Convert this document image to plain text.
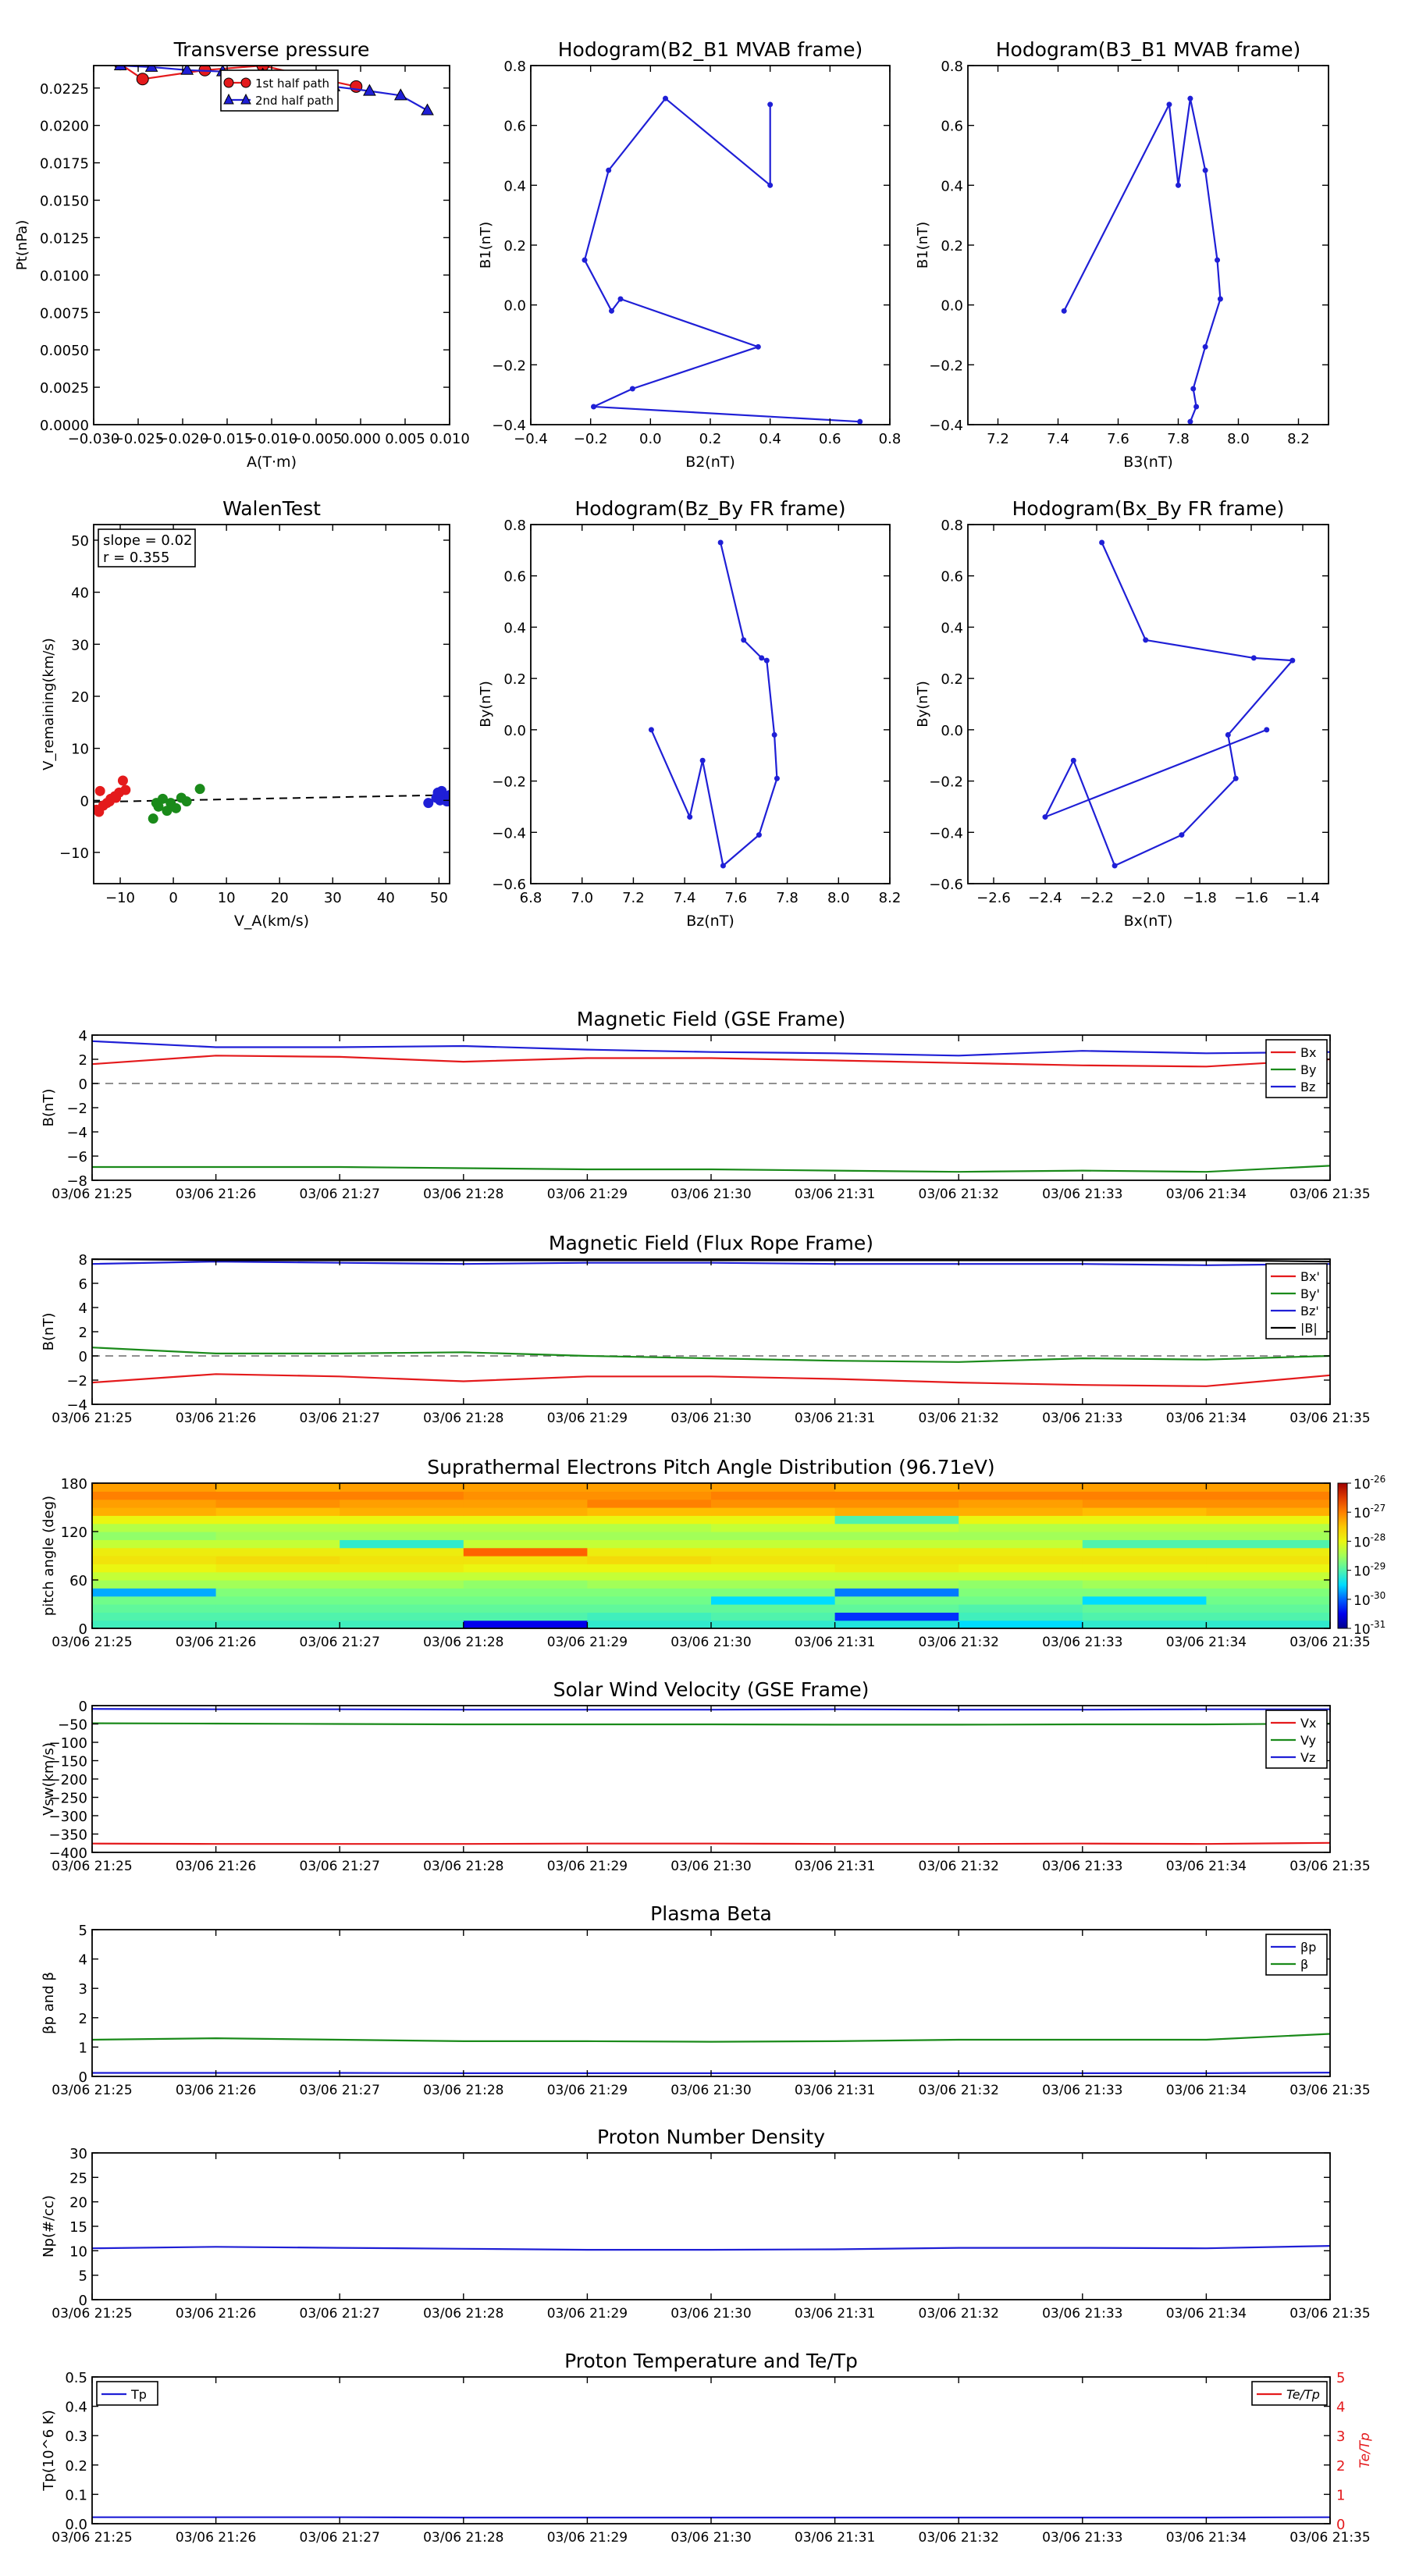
Transverse pressure
0.0000
0.0025
0.0050
0.0075
0.0100
0.0125
0.0150
0.0175
0.0200
0.0225
−0.030
−0.025
−0.020
−0.015
−0.010
−0.005
0.000 0.005 0.010
A(T·m)
Pt(nPa)
1st half path
2nd half path
Hodogram(B2_B1 MVAB frame)
−0.4
−0.2
0.0
0.2
0.4
0.6
0.8
−0.4 −0.2 0.0	0.2	0.4	0.6	0.8
B2(nT)
B1(nT)
Hodogram(B3_B1 MVAB frame)
−0.4
−0.2
0.0
0.2
0.4
0.6
0.8
7.2	7.4	7.6	7.8	8.0	8.2
B3(nT)
B1(nT)
WalenTest
−10
0
10
20
30
40
50
−10 0	10	20	30	40	50
V_A(km/s)
V_remaining(km/s)
slope = 0.02
r = 0.355
Hodogram(Bz_By FR frame)
−0.6
−0.4
−0.2
0.0
0.2
0.4
0.6
0.8
6.8 7.0 7.2 7.4 7.6 7.8 8.0 8.2
Bz(nT)
By(nT)
Hodogram(Bx_By FR frame)
−0.6
−0.4
−0.2
0.0
0.2
0.4
0.6
0.8
−2.6 −2.4 −2.2 −2.0 −1.8 −1.6 −1.4
Bx(nT)
By(nT)
Magnetic Field (GSE Frame)
−8
−6
−4
−2
0
2
4
03/06 21:25	03/06 21:26	03/06 21:27	03/06 21:28	03/06 21:29	03/06 21:30	03/06 21:31	03/06 21:32	03/06 21:33	03/06 21:34	03/06 21:35
B(nT)
Bx
By
Bz
Magnetic Field (Flux Rope Frame)
−4
−2
0
2
4
6
8
03/06 21:25	03/06 21:26	03/06 21:27	03/06 21:28	03/06 21:29	03/06 21:30	03/06 21:31	03/06 21:32	03/06 21:33	03/06 21:34	03/06 21:35
B(nT)
Bx'
By'
Bz'
|B|
Suprathermal Electrons Pitch Angle Distribution (96.71eV)
$10^{-26}$
$10^{-27}$
$10^{-28}$
$10^{-29}$
$10^{-30}$
$10^{-31}$
0
60
120
180
03/06 21:25	03/06 21:26	03/06 21:27	03/06 21:28	03/06 21:29	03/06 21:30	03/06 21:31	03/06 21:32	03/06 21:33	03/06 21:34	03/06 21:35
pitch angle (deg)
Solar Wind Velocity (GSE Frame)
−400
−350
−300
−250
−200
−150
−100
−50
0
03/06 21:25	03/06 21:26	03/06 21:27	03/06 21:28	03/06 21:29	03/06 21:30	03/06 21:31	03/06 21:32	03/06 21:33	03/06 21:34	03/06 21:35
Vsw(km/s)
Vx
Vy
Vz
Plasma Beta
0
1
2
3
4
5
03/06 21:25	03/06 21:26	03/06 21:27	03/06 21:28	03/06 21:29	03/06 21:30	03/06 21:31	03/06 21:32	03/06 21:33	03/06 21:34	03/06 21:35
βp and β
βp
β
Proton Number Density
0
5
10
15
20
25
30
03/06 21:25	03/06 21:26	03/06 21:27	03/06 21:28	03/06 21:29	03/06 21:30	03/06 21:31	03/06 21:32	03/06 21:33	03/06 21:34	03/06 21:35
Np(#/cc)
Proton Temperature and Te/Tp
0.0
0.1
0.2
0.3
0.4
0.5
0
1
2
3
4
5
Te/Tp
03/06 21:25	03/06 21:26	03/06 21:27	03/06 21:28	03/06 21:29	03/06 21:30	03/06 21:31	03/06 21:32	03/06 21:33	03/06 21:34	03/06 21:35
Tp(10^6 K)
Tp	Te/Tp
